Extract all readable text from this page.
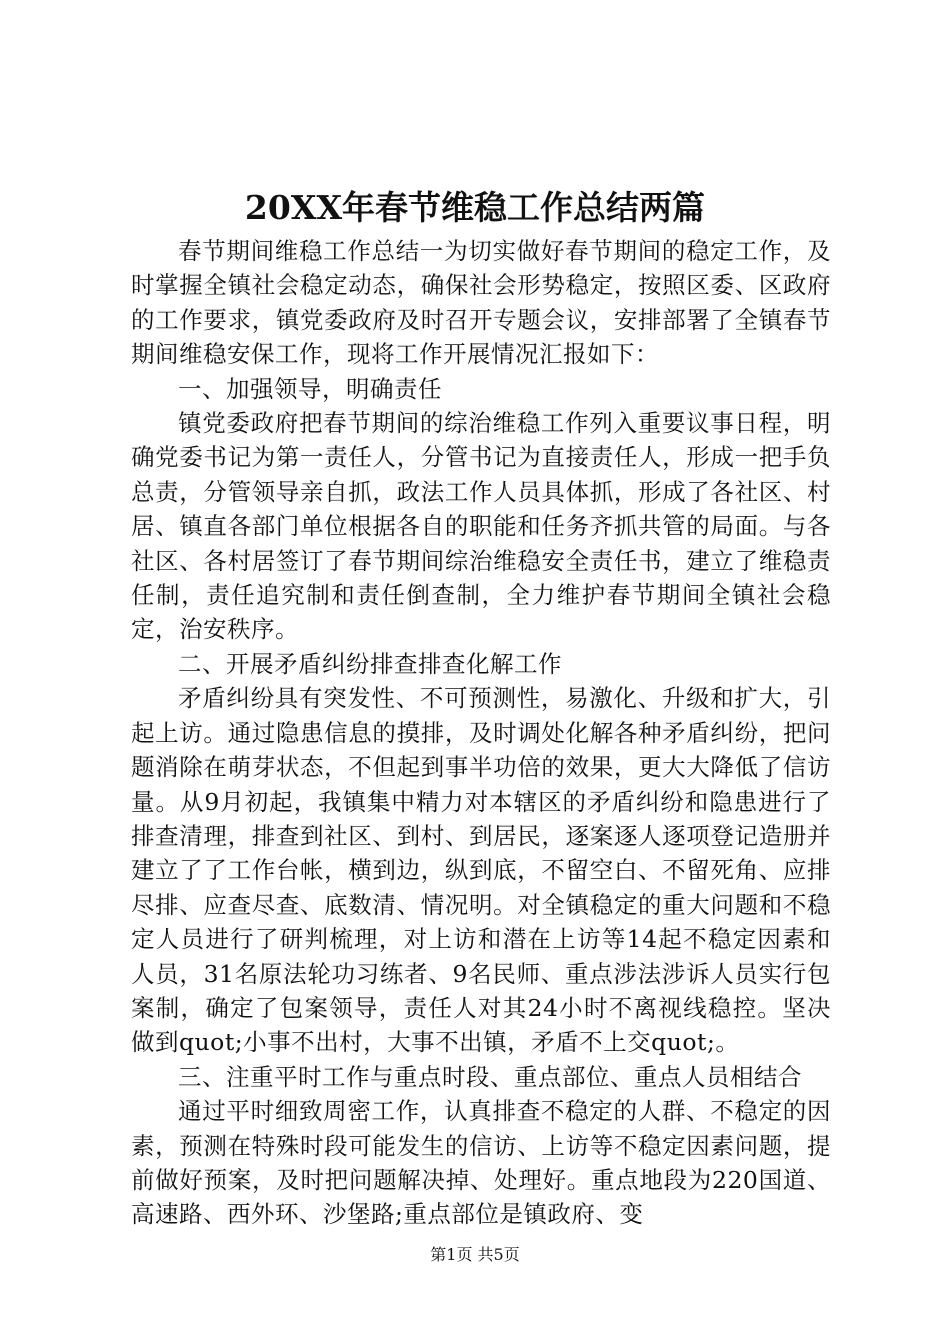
20XX年春节维稳工作总结两篇

春节期间维稳工作总结一为切实做好春节期间的稳定工作，及时掌握全镇社会稳定动态，确保社会形势稳定，按照区委、区政府的工作要求，镇党委政府及时召开专题会议，安排部署了全镇春节期间维稳安保工作，现将工作开展情况汇报如下：

一、加强领导，明确责任

镇党委政府把春节期间的综治维稳工作列入重要议事日程，明确党委书记为第一责任人，分管书记为直接责任人，形成一把手负总责，分管领导亲自抓，政法工作人员具体抓，形成了各社区、村居、镇直各部门单位根据各自的职能和任务齐抓共管的局面。与各社区、各村居签订了春节期间综治维稳安全责任书，建立了维稳责任制，责任追究制和责任倒查制，全力维护春节期间全镇社会稳定，治安秩序。

二、开展矛盾纠纷排查排查化解工作

矛盾纠纷具有突发性、不可预测性，易激化、升级和扩大，引起上访。通过隐患信息的摸排，及时调处化解各种矛盾纠纷，把问题消除在萌芽状态，不但起到事半功倍的效果，更大大降低了信访量。从9月初起，我镇集中精力对本辖区的矛盾纠纷和隐患进行了排查清理，排查到社区、到村、到居民，逐案逐人逐项登记造册并建立了了工作台帐，横到边，纵到底，不留空白、不留死角、应排尽排、应查尽查、底数清、情况明。对全镇稳定的重大问题和不稳定人员进行了研判梳理，对上访和潜在上访等14起不稳定因素和人员，31名原法轮功习练者、9名民师、重点涉法涉诉人员实行包案制，确定了包案领导，责任人对其24小时不离视线稳控。坚决做到quot;小事不出村，大事不出镇，矛盾不上交quot;。

三、注重平时工作与重点时段、重点部位、重点人员相结合

通过平时细致周密工作，认真排查不稳定的人群、不稳定的因素，预测在特殊时段可能发生的信访、上访等不稳定因素问题，提前做好预案，及时把问题解决掉、处理好。重点地段为220国道、高速路、西外环、沙堡路;重点部位是镇政府、变

第1页 共5页
